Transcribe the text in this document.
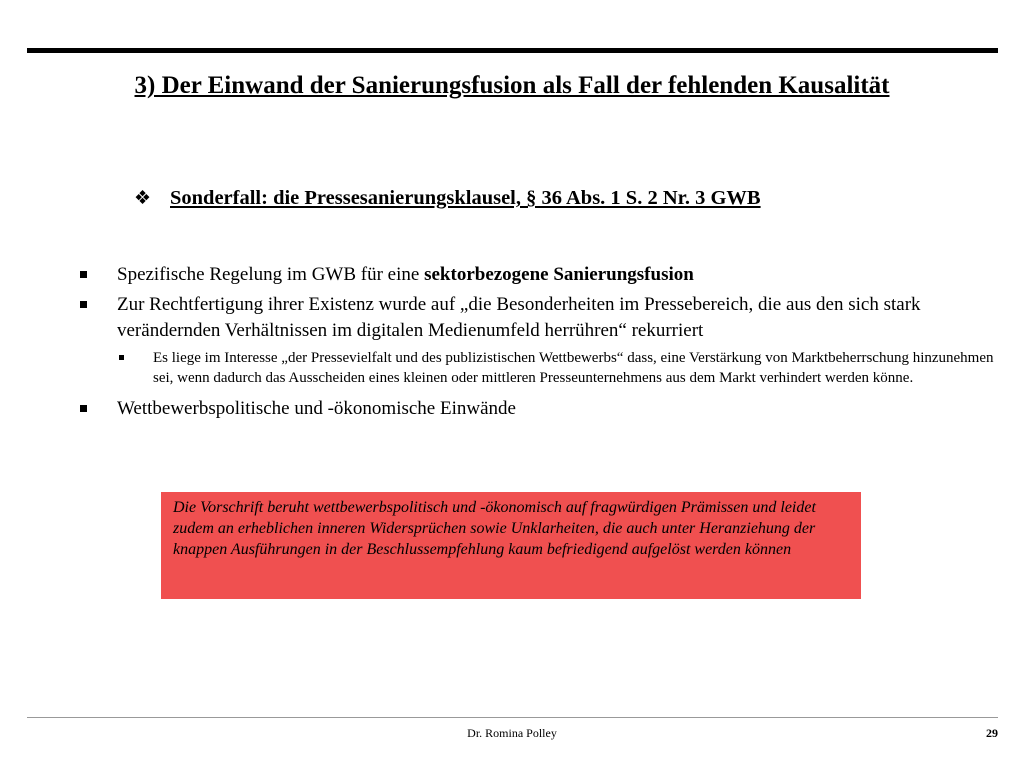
3) Der Einwand der Sanierungsfusion als Fall der fehlenden Kausalität
❖ Sonderfall: die Pressesanierungsklausel, § 36 Abs. 1 S. 2 Nr. 3 GWB
Spezifische Regelung im GWB für eine sektorbezogene Sanierungsfusion
Zur Rechtfertigung ihrer Existenz wurde auf „die Besonderheiten im Pressebereich, die aus den sich stark verändernden Verhältnissen im digitalen Medienumfeld herrühren“ rekurriert
Es liege im Interesse „der Pressevielfalt und des publizistischen Wettbewerbs“ dass, eine Verstärkung von Marktbeherrschung hinzunehmen sei, wenn dadurch das Ausscheiden eines kleinen oder mittleren Presseunternehmens aus dem Markt verhindert werden könne.
Wettbewerbspolitische und -ökonomische Einwände
Die Vorschrift beruht wettbewerbspolitisch und -ökonomisch auf fragwürdigen Prämissen und leidet zudem an erheblichen inneren Widersprüchen sowie Unklarheiten, die auch unter Heranziehung der knappen Ausführungen in der Beschlussempfehlung kaum befriedigend aufgelöst werden können
Dr. Romina Polley	29
